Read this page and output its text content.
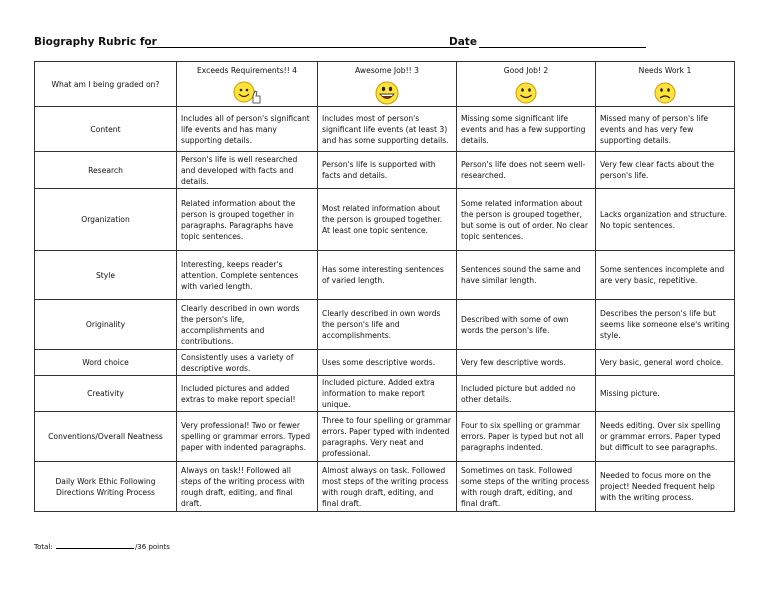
Biography Rubric for	Date
What am I being graded on?	Exceeds Requirements!! 4	Awesome Job!! 3	Good Job! 2	Needs Work 1

Content	Includes all of person's significant life events and has many supporting details.	Includes most of person's significant life events (at least 3) and has some supporting details.	Missing some significant life events and has a few supporting details.	Missed many of person's life events and has very few supporting details.
Research	Person's life is well researched and developed with facts and details.	Person's life is supported with facts and details.	Person's life does not seem well-researched.	Very few clear facts about the person's life.
Organization	Related information about the person is grouped together in paragraphs. Paragraphs have topic sentences.	Most related information about the person is grouped together. At least one topic sentence.	Some related information about the person is grouped together, but some is out of order. No clear topic sentences.	Lacks organization and structure. No topic sentences.
Style	Interesting, keeps reader's attention. Complete sentences with varied length.	Has some interesting sentences of varied length.	Sentences sound the same and have similar length.	Some sentences incomplete and are very basic, repetitive.
Originality	Clearly described in own words the person's life, accomplishments and contributions.	Clearly described in own words the person's life and accomplishments.	Described with some of own words the person's life.	Describes the person's life but seems like someone else's writing style.
Word choice	Consistently uses a variety of descriptive words.	Uses some descriptive words.	Very few descriptive words.	Very basic, general word choice.
Creativity	Included pictures and added extras to make report special!	Included picture. Added extra information to make report unique.	Included picture but added no other details.	Missing picture.
Conventions/Overall Neatness	Very professional! Two or fewer spelling or grammar errors. Typed paper with indented paragraphs.	Three to four spelling or grammar errors. Paper typed with indented paragraphs. Very neat and professional.	Four to six spelling or grammar errors. Paper is typed but not all paragraphs indented.	Needs editing. Over six spelling or grammar errors. Paper typed but difficult to see paragraphs.
Daily Work Ethic Following Directions Writing Process	Always on task!! Followed all steps of the writing process with rough draft, editing, and final draft.	Almost always on task. Followed most steps of the writing process with rough draft, editing, and final draft.	Sometimes on task. Followed some steps of the writing process with rough draft, editing, and final draft.	Needed to focus more on the project! Needed frequent help with the writing process.
Total:	/36 points
